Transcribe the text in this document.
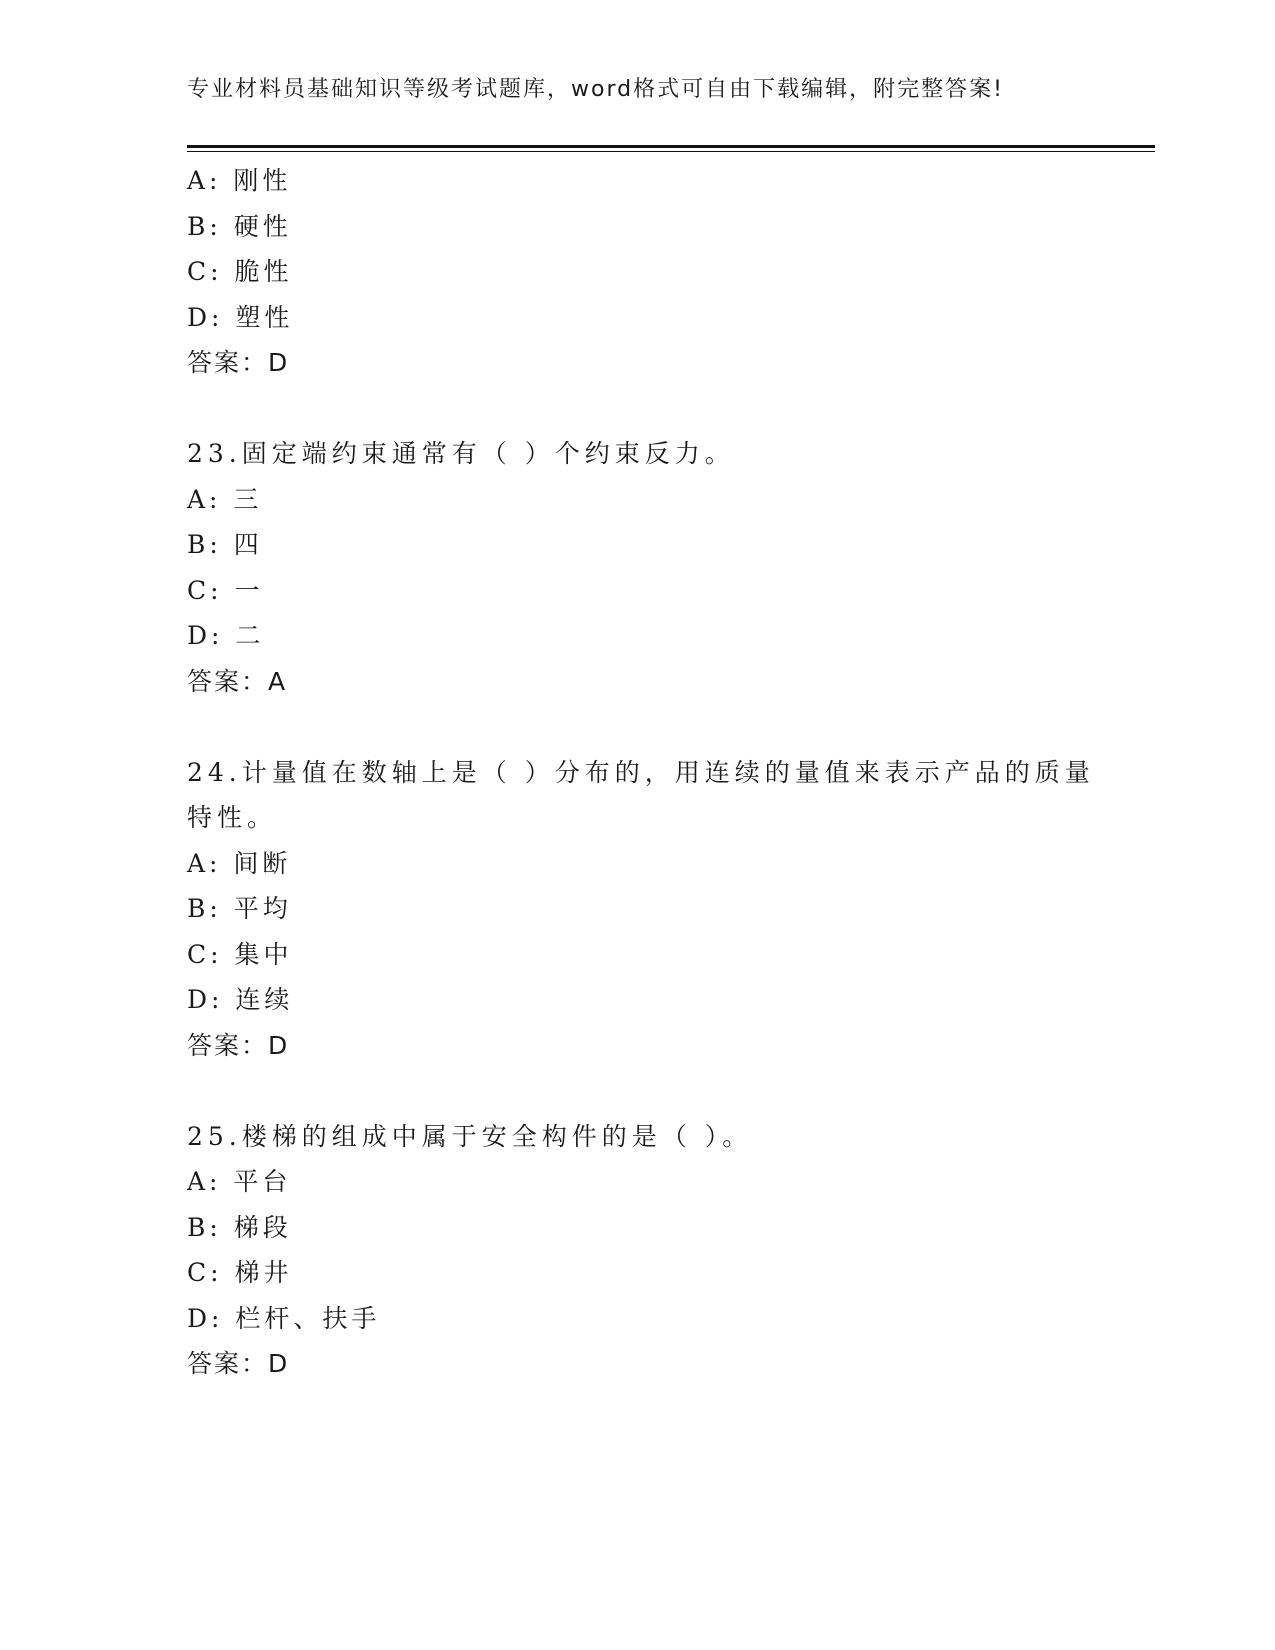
专业材料员基础知识等级考试题库，word格式可自由下载编辑，附完整答案!
A: 刚性
B: 硬性
C: 脆性
D: 塑性
答案：D
23.固定端约束通常有（ ）个约束反力。
A: 三
B: 四
C: 一
D: 二
答案：A
24.计量值在数轴上是（ ）分布的，用连续的量值来表示产品的质量
特性。
A: 间断
B: 平均
C: 集中
D: 连续
答案：D
25.楼梯的组成中属于安全构件的是（ ）。
A: 平台
B: 梯段
C: 梯井
D: 栏杆、扶手
答案：D
